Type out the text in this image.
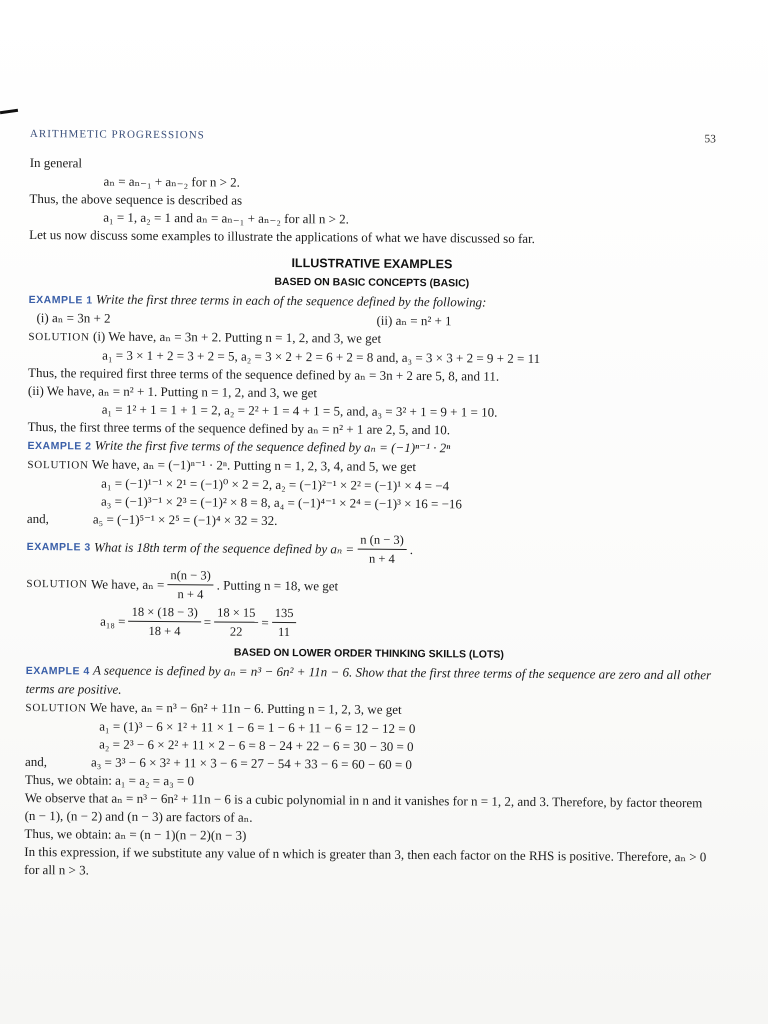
ARITHMETIC PROGRESSIONS	53
In general
aₙ = aₙ₋₁ + aₙ₋₂ for n > 2.
Thus, the above sequence is described as
a₁ = 1, a₂ = 1 and aₙ = aₙ₋₁ + aₙ₋₂ for all n > 2.
Let us now discuss some examples to illustrate the applications of what we have discussed so far.
ILLUSTRATIVE EXAMPLES
BASED ON BASIC CONCEPTS (BASIC)
EXAMPLE 1 Write the first three terms in each of the sequence defined by the following:
(i) aₙ = 3n + 2	(ii) aₙ = n² + 1
SOLUTION (i) We have, aₙ = 3n + 2. Putting n = 1, 2, and 3, we get
a₁ = 3 × 1 + 2 = 3 + 2 = 5, a₂ = 3 × 2 + 2 = 6 + 2 = 8 and, a₃ = 3 × 3 + 2 = 9 + 2 = 11
Thus, the required first three terms of the sequence defined by aₙ = 3n + 2 are 5, 8, and 11.
(ii) We have, aₙ = n² + 1. Putting n = 1, 2, and 3, we get
a₁ = 1² + 1 = 1 + 1 = 2, a₂ = 2² + 1 = 4 + 1 = 5, and, a₃ = 3² + 1 = 9 + 1 = 10.
Thus, the first three terms of the sequence defined by aₙ = n² + 1 are 2, 5, and 10.
EXAMPLE 2 Write the first five terms of the sequence defined by aₙ = (−1)ⁿ⁻¹ · 2ⁿ
SOLUTION We have, aₙ = (−1)ⁿ⁻¹ · 2ⁿ. Putting n = 1, 2, 3, 4, and 5, we get
a₁ = (−1)¹⁻¹ × 2¹ = (−1)⁰ × 2 = 2, a₂ = (−1)²⁻¹ × 2² = (−1)¹ × 4 = −4
a₃ = (−1)³⁻¹ × 2³ = (−1)² × 8 = 8, a₄ = (−1)⁴⁻¹ × 2⁴ = (−1)³ × 16 = −16
and,	a₅ = (−1)⁵⁻¹ × 2⁵ = (−1)⁴ × 32 = 32.
EXAMPLE 3
What is 18th term of the sequence defined by $a_n = \frac{n (n - 3)}{n + 4}$ .
SOLUTION
We have, $a_n = \frac{n(n - 3)}{n + 4}$ . Putting n = 18, we get
$a_{18} = \frac{18 \times (18 - 3)}{18 + 4} = \frac{18 \times 15}{22} = \frac{135}{11}$
BASED ON LOWER ORDER THINKING SKILLS (LOTS)
EXAMPLE 4 A sequence is defined by aₙ = n³ − 6n² + 11n − 6. Show that the first three terms of the sequence are zero and all other terms are positive.
SOLUTION We have, aₙ = n³ − 6n² + 11n − 6. Putting n = 1, 2, 3, we get
a₁ = (1)³ − 6 × 1² + 11 × 1 − 6 = 1 − 6 + 11 − 6 = 12 − 12 = 0
a₂ = 2³ − 6 × 2² + 11 × 2 − 6 = 8 − 24 + 22 − 6 = 30 − 30 = 0
and,	a₃ = 3³ − 6 × 3² + 11 × 3 − 6 = 27 − 54 + 33 − 6 = 60 − 60 = 0
Thus, we obtain: a₁ = a₂ = a₃ = 0
We observe that aₙ = n³ − 6n² + 11n − 6 is a cubic polynomial in n and it vanishes for n = 1, 2, and 3. Therefore, by factor theorem (n − 1), (n − 2) and (n − 3) are factors of aₙ.
Thus, we obtain: aₙ = (n − 1)(n − 2)(n − 3)
In this expression, if we substitute any value of n which is greater than 3, then each factor on the RHS is positive. Therefore, aₙ > 0 for all n > 3.
